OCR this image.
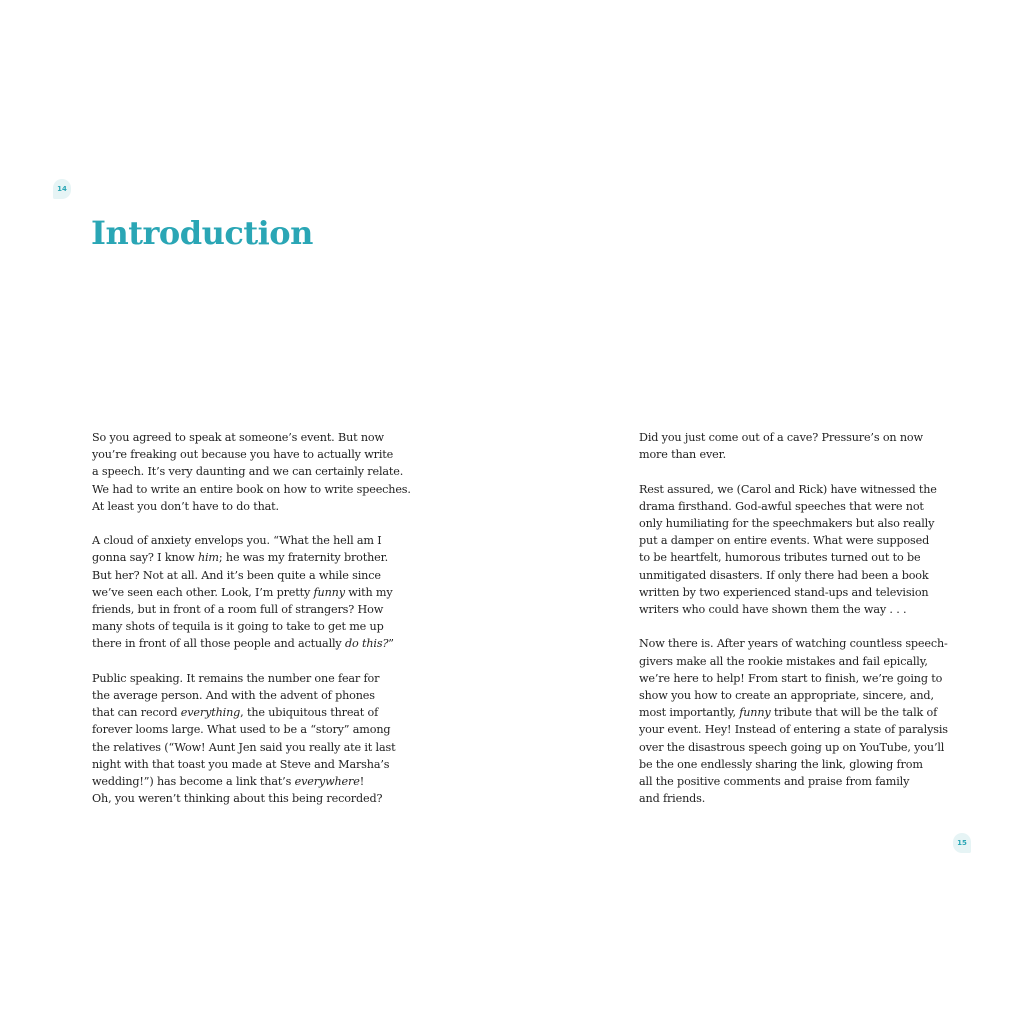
14
Introduction

So you agreed to speak at someone’s event. But now
you’re freaking out because you have to actually write
a speech. It’s very daunting and we can certainly relate.
We had to write an entire book on how to write speeches.
At least you don’t have to do that.

A cloud of anxiety envelops you. “What the hell am I
gonna say? I know him; he was my fraternity brother.
But her? Not at all. And it’s been quite a while since
we’ve seen each other. Look, I’m pretty funny with my
friends, but in front of a room full of strangers? How
many shots of tequila is it going to take to get me up
there in front of all those people and actually do this?”

Public speaking. It remains the number one fear for
the average person. And with the advent of phones
that can record everything, the ubiquitous threat of
forever looms large. What used to be a “story” among
the relatives (“Wow! Aunt Jen said you really ate it last
night with that toast you made at Steve and Marsha’s
wedding!”) has become a link that’s everywhere!
Oh, you weren’t thinking about this being recorded?

Did you just come out of a cave? Pressure’s on now
more than ever.

Rest assured, we (Carol and Rick) have witnessed the
drama firsthand. God-awful speeches that were not
only humiliating for the speechmakers but also really
put a damper on entire events. What were supposed
to be heartfelt, humorous tributes turned out to be
unmitigated disasters. If only there had been a book
written by two experienced stand-ups and television
writers who could have shown them the way . . .

Now there is. After years of watching countless speech-
givers make all the rookie mistakes and fail epically,
we’re here to help! From start to finish, we’re going to
show you how to create an appropriate, sincere, and,
most importantly, funny tribute that will be the talk of
your event. Hey! Instead of entering a state of paralysis
over the disastrous speech going up on YouTube, you’ll
be the one endlessly sharing the link, glowing from
all the positive comments and praise from family
and friends.

15
